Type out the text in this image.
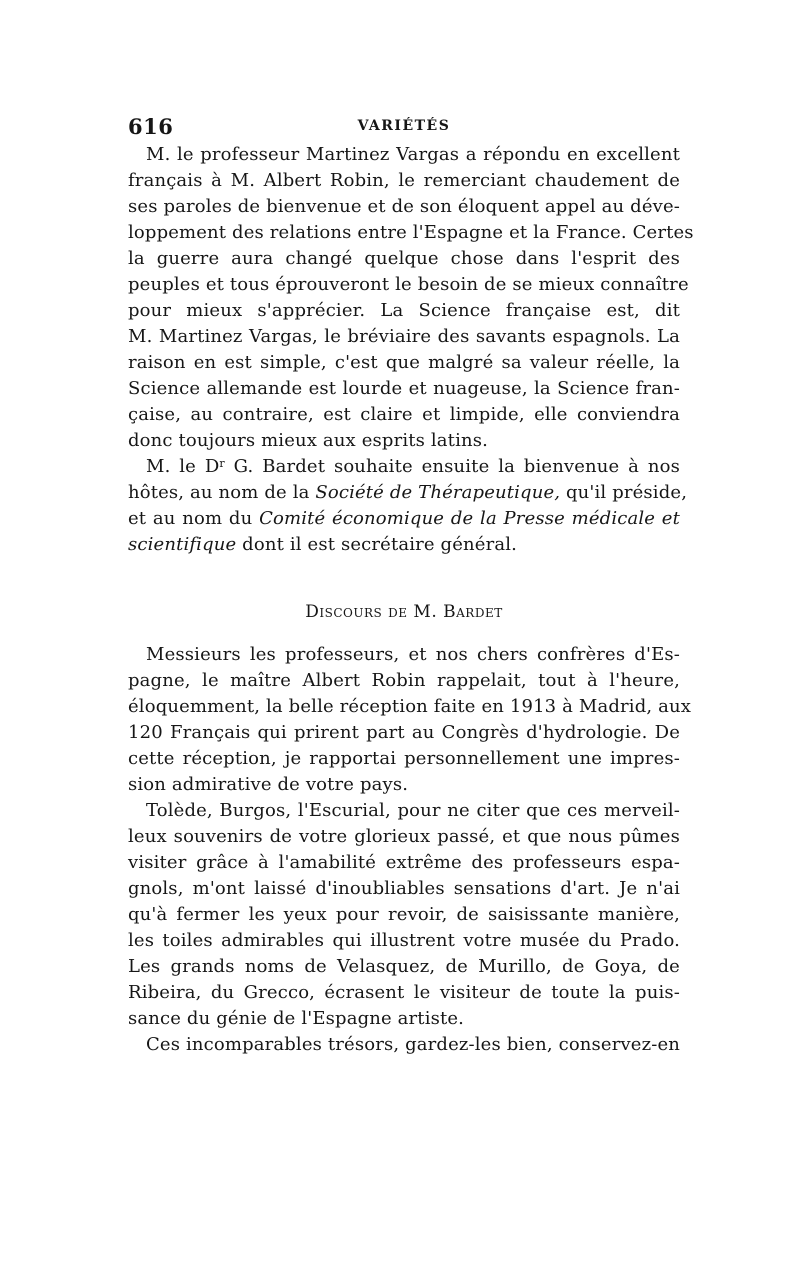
616	VARIÉTÉS

M. le professeur Martinez Vargas a répondu en excellent
français à M. Albert Robin, le remerciant chaudement de
ses paroles de bienvenue et de son éloquent appel au déve-
loppement des relations entre l'Espagne et la France. Certes
la guerre aura changé quelque chose dans l'esprit des
peuples et tous éprouveront le besoin de se mieux connaître
pour mieux s'apprécier. La Science française est, dit
M. Martinez Vargas, le bréviaire des savants espagnols. La
raison en est simple, c'est que malgré sa valeur réelle, la
Science allemande est lourde et nuageuse, la Science fran-
çaise, au contraire, est claire et limpide, elle conviendra
donc toujours mieux aux esprits latins.

M. le $D^r$ G. Bardet souhaite ensuite la bienvenue à nos
hôtes, au nom de la Société de Thérapeutique, qu'il préside,
et au nom du Comité économique de la Presse médicale et
scientifique dont il est secrétaire général.

Discours de M. Bardet

Messieurs les professeurs, et nos chers confrères d'Es-
pagne, le maître Albert Robin rappelait, tout à l'heure,
éloquemment, la belle réception faite en 1913 à Madrid, aux
120 Français qui prirent part au Congrès d'hydrologie. De
cette réception, je rapportai personnellement une impres-
sion admirative de votre pays.

Tolède, Burgos, l'Escurial, pour ne citer que ces merveil-
leux souvenirs de votre glorieux passé, et que nous pûmes
visiter grâce à l'amabilité extrême des professeurs espa-
gnols, m'ont laissé d'inoubliables sensations d'art. Je n'ai
qu'à fermer les yeux pour revoir, de saisissante manière,
les toiles admirables qui illustrent votre musée du Prado.
Les grands noms de Velasquez, de Murillo, de Goya, de
Ribeira, du Grecco, écrasent le visiteur de toute la puis-
sance du génie de l'Espagne artiste.

Ces incomparables trésors, gardez-les bien, conservez-en
